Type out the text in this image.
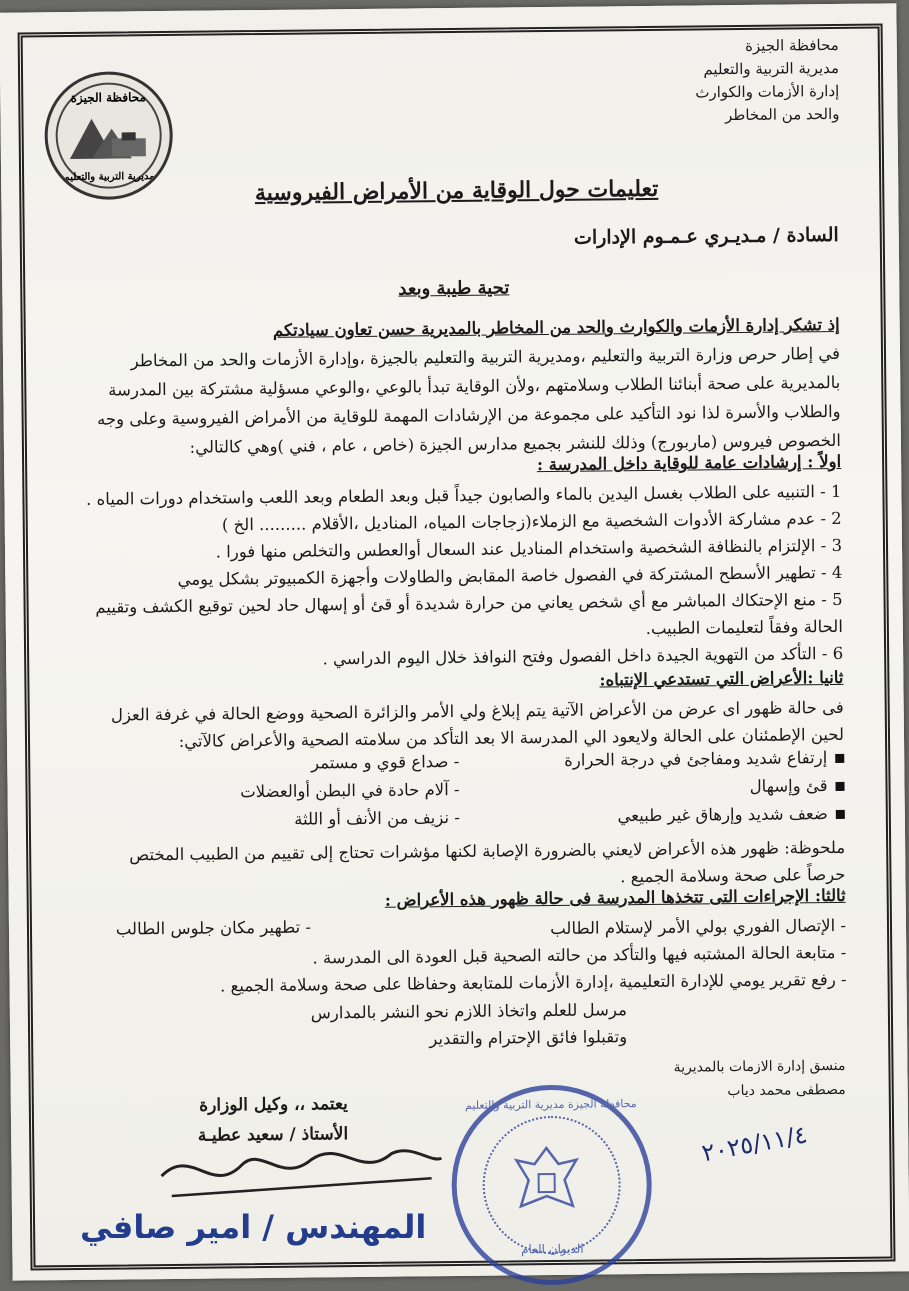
محافظة الجيزة
مديرية التربية والتعليم
محافظة الجيزة
مديرية التربية والتعليم
إدارة الأزمات والكوارث
والحد من المخاطر
تعليمات حول الوقاية من الأمراض الفيروسية
السادة / مـديـري عـمـوم الإدارات
تحية طيبة وبعد
إذ تشكر إدارة الأزمات والكوارث والحد من المخاطر بالمديرية حسن تعاون سيادتكم
في إطار حرص وزارة التربية والتعليم ،ومديرية التربية والتعليم بالجيزة ،وإدارة الأزمات والحد من المخاطر
بالمديرية على صحة أبنائنا الطلاب وسلامتهم ،ولأن الوقاية تبدأ بالوعي ،والوعي مسؤلية مشتركة بين المدرسة
والطلاب والأسرة لذا نود التأكيد على مجموعة من الإرشادات المهمة للوقاية من الأمراض الفيروسية وعلى وجه
الخصوص فيروس (ماربورج) وذلك للنشر بجميع مدارس الجيزة (خاص ، عام ، فني )وهي كالتالي:
اولاً : إرشادات عامة للوقاية داخل المدرسة :
1 - التنبيه على الطلاب بغسل اليدين بالماء والصابون جيداً قبل وبعد الطعام وبعد اللعب واستخدام دورات المياه .
2 - عدم مشاركة الأدوات الشخصية مع الزملاء(زجاجات المياه، المناديل ،الأقلام ......... الخ )
3 - الإلتزام بالنظافة الشخصية واستخدام المناديل عند السعال أوالعطس والتخلص منها فورا .
4 - تطهير الأسطح المشتركة في الفصول خاصة المقابض والطاولات وأجهزة الكمبيوتر بشكل يومي
5 - منع الإحتكاك المباشر مع أي شخص يعاني من حرارة شديدة أو قئ أو إسهال حاد لحين توقيع الكشف وتقييم
الحالة وفقاً لتعليمات الطبيب.
6 - التأكد من التهوية الجيدة داخل الفصول وفتح النوافذ خلال اليوم الدراسي .
ثانيا :الأعراض التي تستدعي الإنتباه:
فى حالة ظهور اى عرض من الأعراض الآتية يتم إبلاغ ولي الأمر والزائرة الصحية ووضع الحالة في غرفة العزل
لحين الإطمئنان على الحالة ولايعود الي المدرسة الا بعد التأكد من سلامته الصحية والأعراض كالآتي:
إرتفاع شديد ومفاجئ في درجة الحرارة
قئ وإسهال
ضعف شديد وإرهاق غير طبيعي
- صداع قوي و مستمر
- آلام حادة في البطن أوالعضلات
- نزيف من الأنف أو اللثة
ملحوظة: ظهور هذه الأعراض لايعني بالضرورة الإصابة لكنها مؤشرات تحتاج إلى تقييم من الطبيب المختص
حرصاً على صحة وسلامة الجميع .
ثالثا: الإجراءات التى تتخذها المدرسة فى حالة ظهور هذه الأعراض :
- الإتصال الفوري بولي الأمر لإستلام الطالب
- متابعة الحالة المشتبه فيها والتأكد من حالته الصحية قبل العودة الى المدرسة .
- رفع تقرير يومي للإدارة التعليمية ،إدارة الأزمات للمتابعة وحفاظا على صحة وسلامة الجميع .
- تطهير مكان جلوس الطالب
مرسل للعلم واتخاذ اللازم نحو النشر بالمدارس
وتقبلوا فائق الإحترام والتقدير
منسق إدارة الازمات بالمديرية
مصطفى محمد دياب
يعتمد ،، وكيل الوزارة
الأستاذ / سعيد عطيـة
محافظة الجيزة مديرية التربية والتعليم
الديوان العام
٢٠٢٥/١١/٤
المهندس / امير صافي
